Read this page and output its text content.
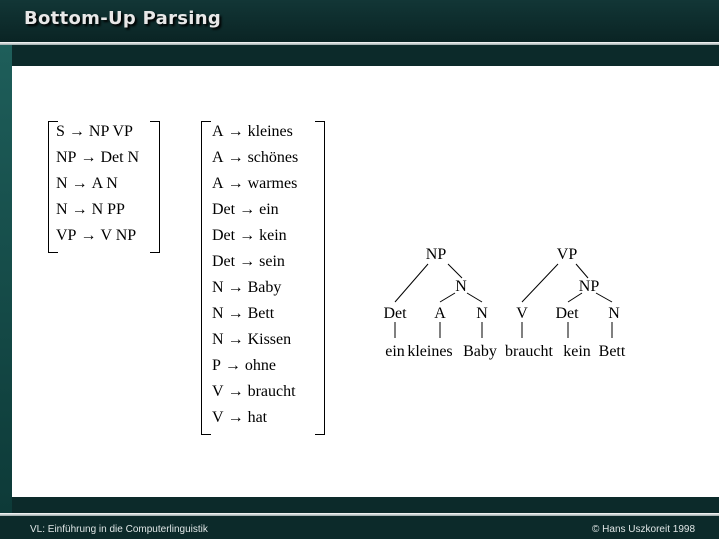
Bottom-Up Parsing
S → NP VP
NP → Det N
N → A N
N → N PP
VP → V NP
A → kleines
A → schönes
A → warmes
Det → ein
Det → kein
Det → sein
N → Baby
N → Bett
N → Kissen
P → ohne
V → braucht
V → hat
NP	VP
N	NP
Det A N V Det N
ein kleines Baby braucht kein Bett
VL: Einführung in die Computerlinguistik	© Hans Uszkoreit 1998
